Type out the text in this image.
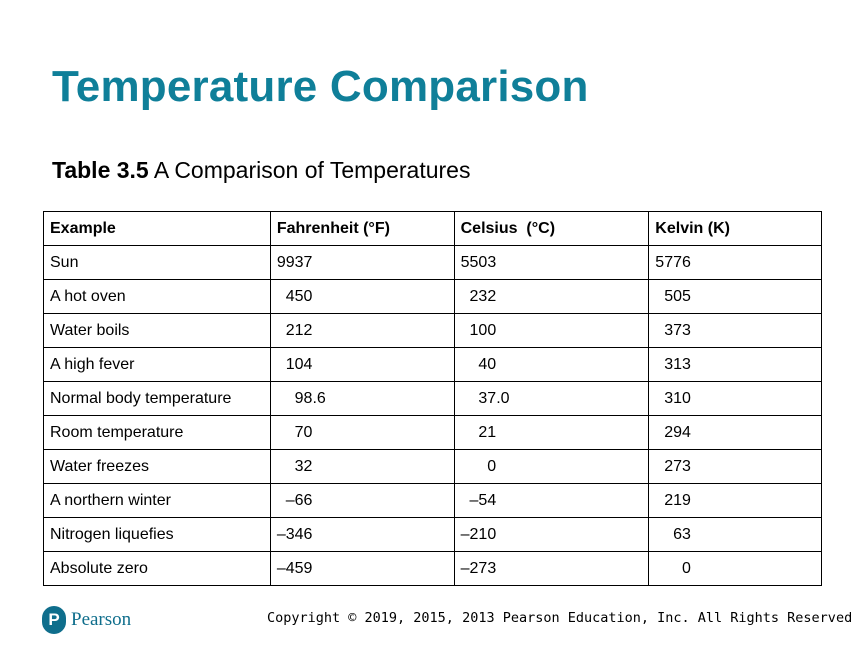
Temperature Comparison
Table 3.5 A Comparison of Temperatures
Example	Fahrenheit (°F)	Celsius  (°C)	Kelvin (K)
Sun	9937	5503	5776
A hot oven	450	232	505
Water boils	212	100	373
A high fever	104	40	313
Normal body temperature	98.6	37.0	310
Room temperature	70	21	294
Water freezes	32	0	273
A northern winter	–66	–54	219
Nitrogen liquefies	–346	–210	63
Absolute zero	–459	–273	0
P Pearson	Copyright © 2019, 2015, 2013 Pearson Education, Inc. All Rights Reserved
